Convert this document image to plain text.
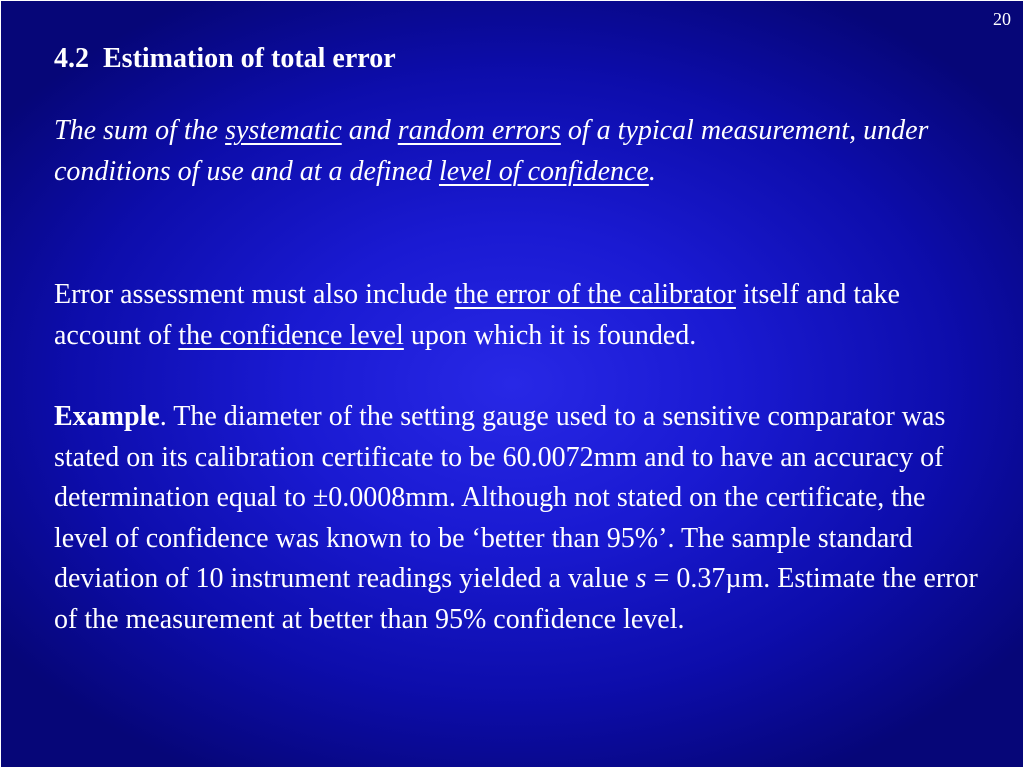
20
4.2 Estimation of total error

The sum of the systematic and random errors of a typical measurement, under conditions of use and at a defined level of confidence.

Error assessment must also include the error of the calibrator itself and take account of the confidence level upon which it is founded.

Example. The diameter of the setting gauge used to a sensitive comparator was stated on its calibration certificate to be 60.0072mm and to have an accuracy of determination equal to ±0.0008mm. Although not stated on the certificate, the level of confidence was known to be ‘better than 95%’. The sample standard deviation of 10 instrument readings yielded a value s = 0.37µm. Estimate the error of the measurement at better than 95% confidence level.
